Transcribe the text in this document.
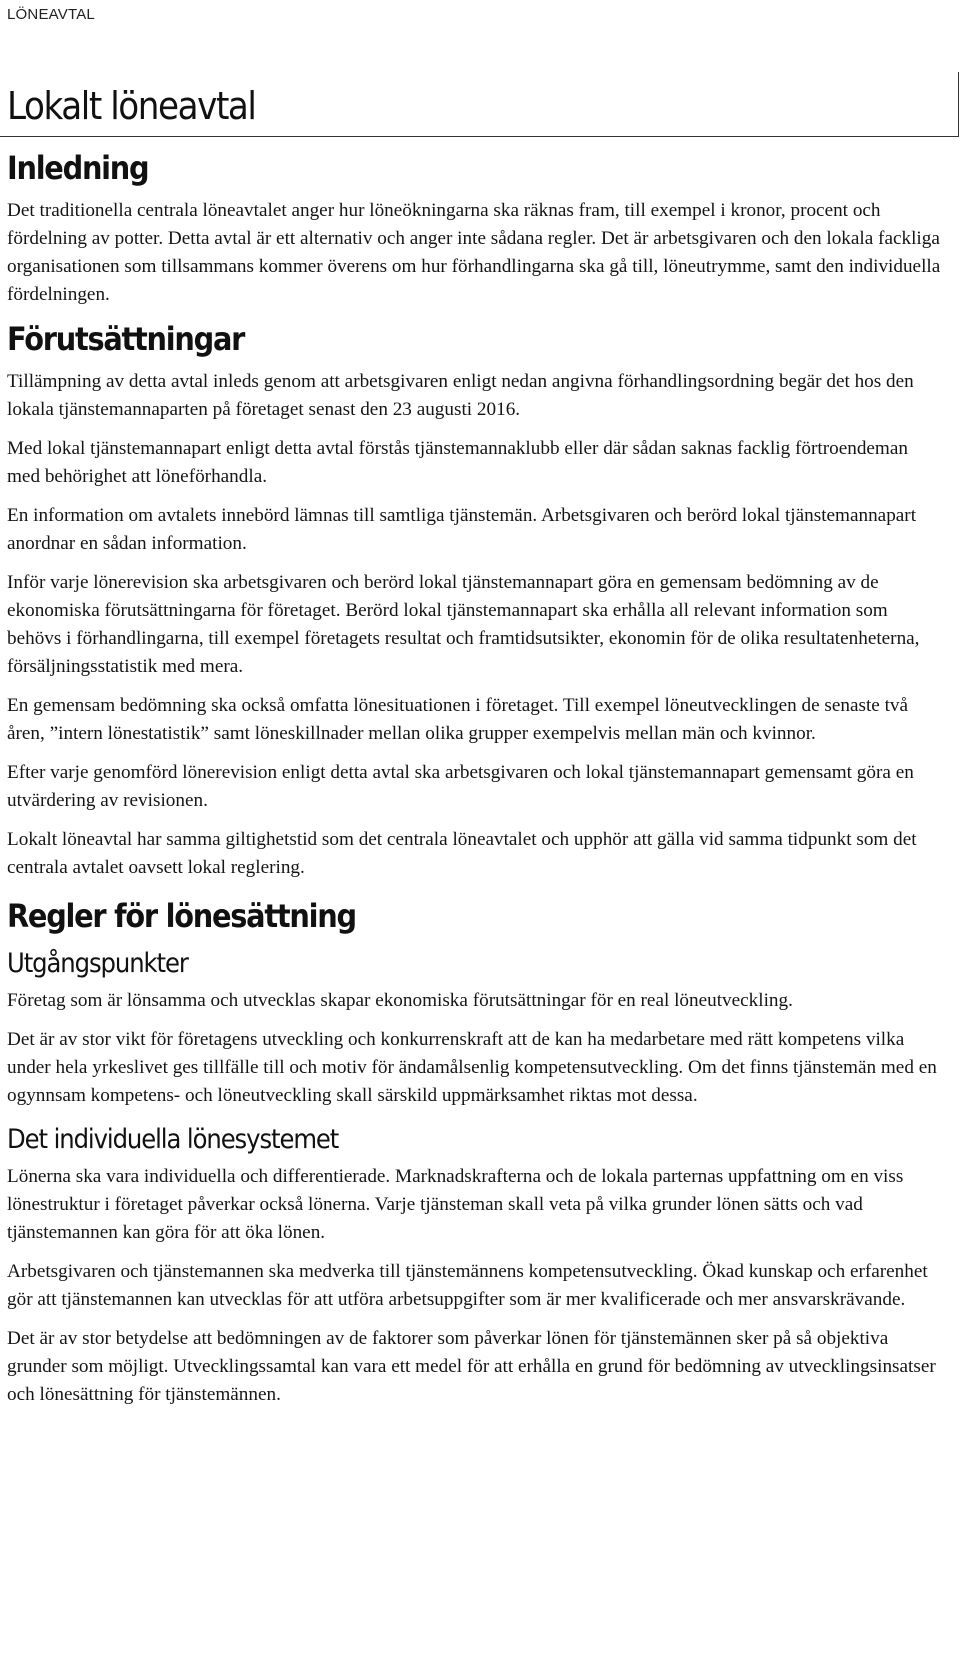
LÖNEAVTAL
Lokalt löneavtal
Inledning

Det traditionella centrala löneavtalet anger hur löneökningarna ska räknas fram, till exempel i kronor, procent och fördelning av potter. Detta avtal är ett alternativ och anger inte sådana regler. Det är arbetsgivaren och den lokala fackliga organisationen som tillsammans kommer överens om hur förhandlingarna ska gå till, löneutrymme, samt den individuella fördelningen.

Förutsättningar

Tillämpning av detta avtal inleds genom att arbetsgivaren enligt nedan angivna förhandlingsordning begär det hos den lokala tjänstemannaparten på företaget senast den 23 augusti 2016.

Med lokal tjänstemannapart enligt detta avtal förstås tjänstemannaklubb eller där sådan saknas facklig förtroendeman med behörighet att löneförhandla.

En information om avtalets innebörd lämnas till samtliga tjänstemän. Arbetsgivaren och berörd lokal tjänstemannapart anordnar en sådan information.

Inför varje lönerevision ska arbetsgivaren och berörd lokal tjänstemannapart göra en gemensam bedömning av de ekonomiska förutsättningarna för företaget. Berörd lokal tjänstemannapart ska erhålla all relevant information som behövs i förhandlingarna, till exempel företagets resultat och framtidsutsikter, ekonomin för de olika resultatenheterna, försäljningsstatistik med mera.

En gemensam bedömning ska också omfatta lönesituationen i företaget. Till exempel löneutvecklingen de senaste två åren, ”intern lönestatistik” samt löneskillnader mellan olika grupper exempelvis mellan män och kvinnor.

Efter varje genomförd lönerevision enligt detta avtal ska arbetsgivaren och lokal tjänstemannapart gemensamt göra en utvärdering av revisionen.

Lokalt löneavtal har samma giltighetstid som det centrala löneavtalet och upphör att gälla vid samma tidpunkt som det centrala avtalet oavsett lokal reglering.

Regler för lönesättning
Utgångspunkter

Företag som är lönsamma och utvecklas skapar ekonomiska förutsättningar för en real löneutveckling.

Det är av stor vikt för företagens utveckling och konkurrenskraft att de kan ha medarbetare med rätt kompetens vilka under hela yrkeslivet ges tillfälle till och motiv för ändamålsenlig kompetensutveckling. Om det finns tjänstemän med en ogynnsam kompetens- och löneutveckling skall särskild uppmärksamhet riktas mot dessa.

Det individuella lönesystemet

Lönerna ska vara individuella och differentierade. Marknadskrafterna och de lokala parternas uppfattning om en viss lönestruktur i företaget påverkar också lönerna. Varje tjänsteman skall veta på vilka grunder lönen sätts och vad tjänstemannen kan göra för att öka lönen.

Arbetsgivaren och tjänstemannen ska medverka till tjänstemännens kompetensutveckling. Ökad kunskap och erfarenhet gör att tjänstemannen kan utvecklas för att utföra arbetsuppgifter som är mer kvalificerade och mer ansvarskrävande.

Det är av stor betydelse att bedömningen av de faktorer som påverkar lönen för tjänstemännen sker på så objektiva grunder som möjligt. Utvecklingssamtal kan vara ett medel för att erhålla en grund för bedömning av utvecklingsinsatser och lönesättning för tjänstemännen.
